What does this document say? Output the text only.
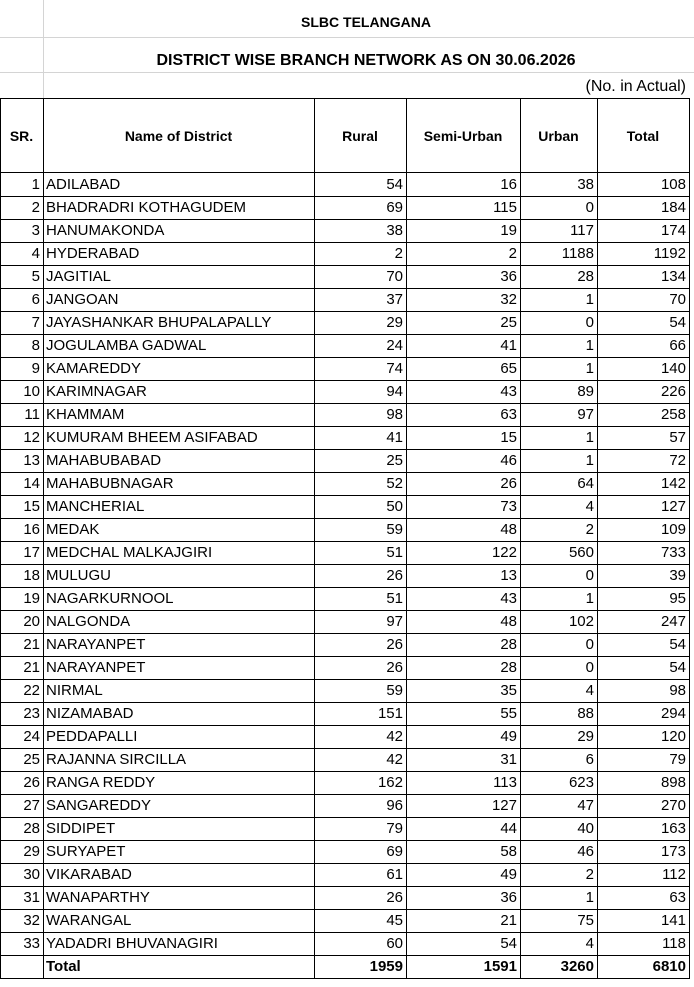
SLBC TELANGANA
DISTRICT WISE BRANCH NETWORK AS ON 30.06.2026
(No. in Actual)
SR.	Name of District	Rural	Semi-Urban	Urban	Total
1 ADILABAD	54	16	38	108
2 BHADRADRI KOTHAGUDEM	69	115	0	184
3 HANUMAKONDA	38	19	117	174
4 HYDERABAD	2	2	1188	1192
5 JAGITIAL	70	36	28	134
6 JANGOAN	37	32	1	70
7 JAYASHANKAR BHUPALAPALLY	29	25	0	54
8 JOGULAMBA GADWAL	24	41	1	66
9 KAMAREDDY	74	65	1	140
10 KARIMNAGAR	94	43	89	226
11 KHAMMAM	98	63	97	258
12 KUMURAM BHEEM ASIFABAD	41	15	1	57
13 MAHABUBABAD	25	46	1	72
14 MAHABUBNAGAR	52	26	64	142
15 MANCHERIAL	50	73	4	127
16 MEDAK	59	48	2	109
17 MEDCHAL MALKAJGIRI	51	122	560	733
18 MULUGU	26	13	0	39
19 NAGARKURNOOL	51	43	1	95
20 NALGONDA	97	48	102	247
21 NARAYANPET	26	28	0	54
21 NARAYANPET	26	28	0	54
22 NIRMAL	59	35	4	98
23 NIZAMABAD	151	55	88	294
24 PEDDAPALLI	42	49	29	120
25 RAJANNA SIRCILLA	42	31	6	79
26 RANGA REDDY	162	113	623	898
27 SANGAREDDY	96	127	47	270
28 SIDDIPET	79	44	40	163
29 SURYAPET	69	58	46	173
30 VIKARABAD	61	49	2	112
31 WANAPARTHY	26	36	1	63
32 WARANGAL	45	21	75	141
33 YADADRI BHUVANAGIRI	60	54	4	118
Total	1959	1591	3260	6810
